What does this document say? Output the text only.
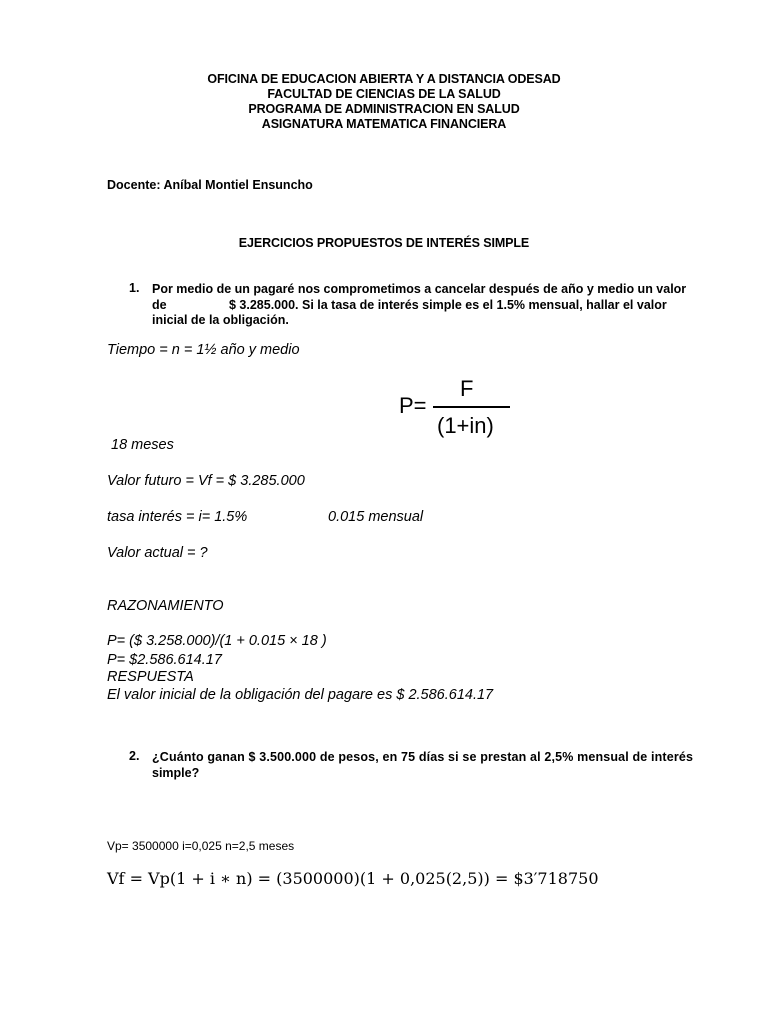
OFICINA DE EDUCACION ABIERTA Y A DISTANCIA ODESAD
FACULTAD DE CIENCIAS DE LA SALUD
PROGRAMA DE ADMINISTRACION EN SALUD
ASIGNATURA MATEMATICA FINANCIERA
Docente: Aníbal Montiel Ensuncho
EJERCICIOS PROPUESTOS DE INTERÉS SIMPLE
1. Por medio de un pagaré nos comprometimos a cancelar después de año y medio un valor
de	$ 3.285.000. Si la tasa de interés simple es el 1.5% mensual, hallar el valor
inicial de la obligación.
Tiempo = n = 1½ año y medio
P=
F
(1+in)
18 meses
Valor futuro = Vf = $ 3.285.000
tasa interés = i= 1.5%	0.015 mensual
Valor actual = ?
RAZONAMIENTO
P= ($ 3.258.000)/(1 + 0.015 × 18 )
P= $2.586.614.17
RESPUESTA
El valor inicial de la obligación del pagare es $ 2.586.614.17
2. ¿Cuánto ganan $ 3.500.000 de pesos, en 75 días si se prestan al 2,5% mensual de interés
simple?
Vp= 3500000 i=0,025 n=2,5 meses
Vf = Vp(1 + i ∗ n) = (3500000)(1 + 0,025(2,5)) = $3′718750
